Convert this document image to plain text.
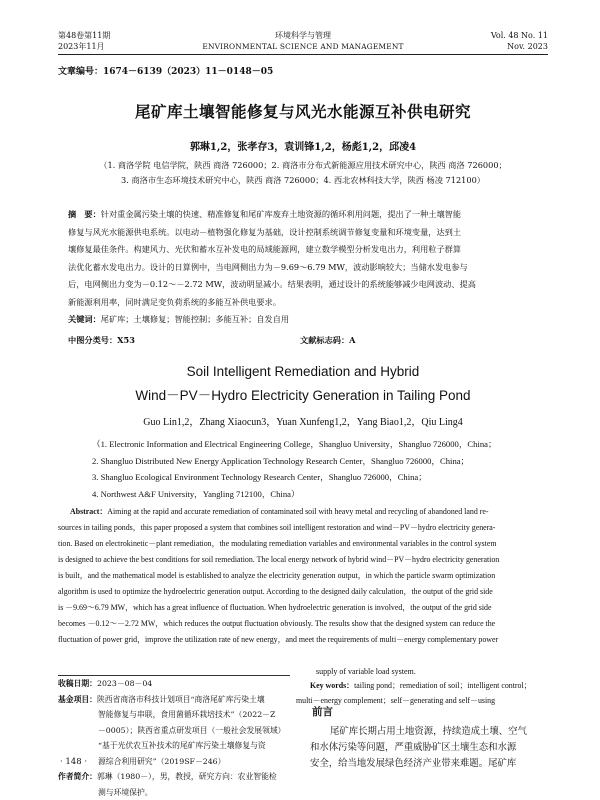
第48卷第11期
2023年11月
环境科学与管理
ENVIRONMENTAL SCIENCE AND MANAGEMENT
Vol. 48 No. 11
Nov. 2023
文章编号：1674－6139（2023）11－0148－05
尾矿库土壤智能修复与风光水能源互补供电研究
郭琳1,2，张孝存3，袁训锋1,2，杨彪1,2，邱凌4
（1. 商洛学院 电信学院，陕西 商洛 726000；2. 商洛市分布式新能源应用技术研究中心，陕西 商洛 726000；
3. 商洛市生态环境技术研究中心，陕西 商洛 726000；4. 西北农林科技大学，陕西 杨凌 712100）
摘　要：针对重金属污染土壤的快速、精准修复和尾矿库废弃土地资源的循环利用问题，提出了一种土壤智能
修复与风光水能源供电系统。以电动－植物强化修复为基础，设计控制系统调节修复变量和环境变量，达到土
壤修复最佳条件。构建风力、光伏和蓄水互补发电的局域能源网，建立数学模型分析发电出力，利用粒子群算
法优化蓄水发电出力。设计的日算例中，当电网侧出力为－9.69～6.79 MW，波动影响较大；当储水发电参与
后，电网侧出力变为－0.12～－2.72 MW，波动明显减小。结果表明，通过设计的系统能够减少电网波动、提高
新能源利用率，同时满足变负荷系统的多能互补供电要求。
关键词：尾矿库；土壤修复；智能控制；多能互补；自发自用
中图分类号：X53	文献标志码：A
Soil Intelligent Remediation and Hybrid
Wind－PV－Hydro Electricity Generation in Tailing Pond
Guo Lin1,2，Zhang Xiaocun3，Yuan Xunfeng1,2，Yang Biao1,2，Qiu Ling4
（1. Electronic Information and Electrical Engineering College，Shangluo University，Shangluo 726000，China；
2. Shangluo Distributed New Energy Application Technology Research Center，Shangluo 726000，China；
3. Shangluo Ecological Environment Technology Research Center，Shangluo 726000，China；
4. Northwest A&F University，Yangling 712100，China）
Abstract：Aiming at the rapid and accurate remediation of contaminated soil with heavy metal and recycling of abandoned land re-
sources in tailing ponds，this paper proposed a system that combines soil intelligent restoration and wind－PV－hydro electricity genera-
tion. Based on electrokinetic－plant remediation，the modulating remediation variables and environmental variables in the control system
is designed to achieve the best conditions for soil remediation. The local energy network of hybrid wind－PV－hydro electricity generation
is built，and the mathematical model is established to analyze the electricity generation output，in which the particle swarm optimization
algorithm is used to optimize the hydroelectric generation output. According to the designed daily calculation，the output of the grid side
is －9.69～6.79 MW，which has a great influence of fluctuation. When hydroelectric generation is involved，the output of the grid side
becomes －0.12～－2.72 MW，which reduces the output fluctuation obviously. The results show that the designed system can reduce the
fluctuation of power grid，improve the utilization rate of new energy，and meet the requirements of multi－energy complementary power
supply of variable load system.
收稿日期：2023－08－04
基金项目：陕西省商洛市科技计划项目“商洛尾矿库污染土壤
智能修复与串联，食用菌循环栽培技术”（2022－Z
－0005）；陕西省重点研发项目（一般社会发展领域）
“基于光伏农互补技术的尾矿库污染土壤修复与资
源综合利用研究”（2019SF－246）
作者简介：郭琳（1980－），男，教授，研究方向：农业智能检
测与环境保护。
Key words：tailing pond；remediation of soil；intelligent control；
multi－energy complement；self－generating and self－using
前言
尾矿库长期占用土地资源，持续造成土壤、空气
和水体污染等问题，严重威胁矿区土壤生态和水源
安全，给当地发展绿色经济产业带来难题。尾矿库
· 148 ·
